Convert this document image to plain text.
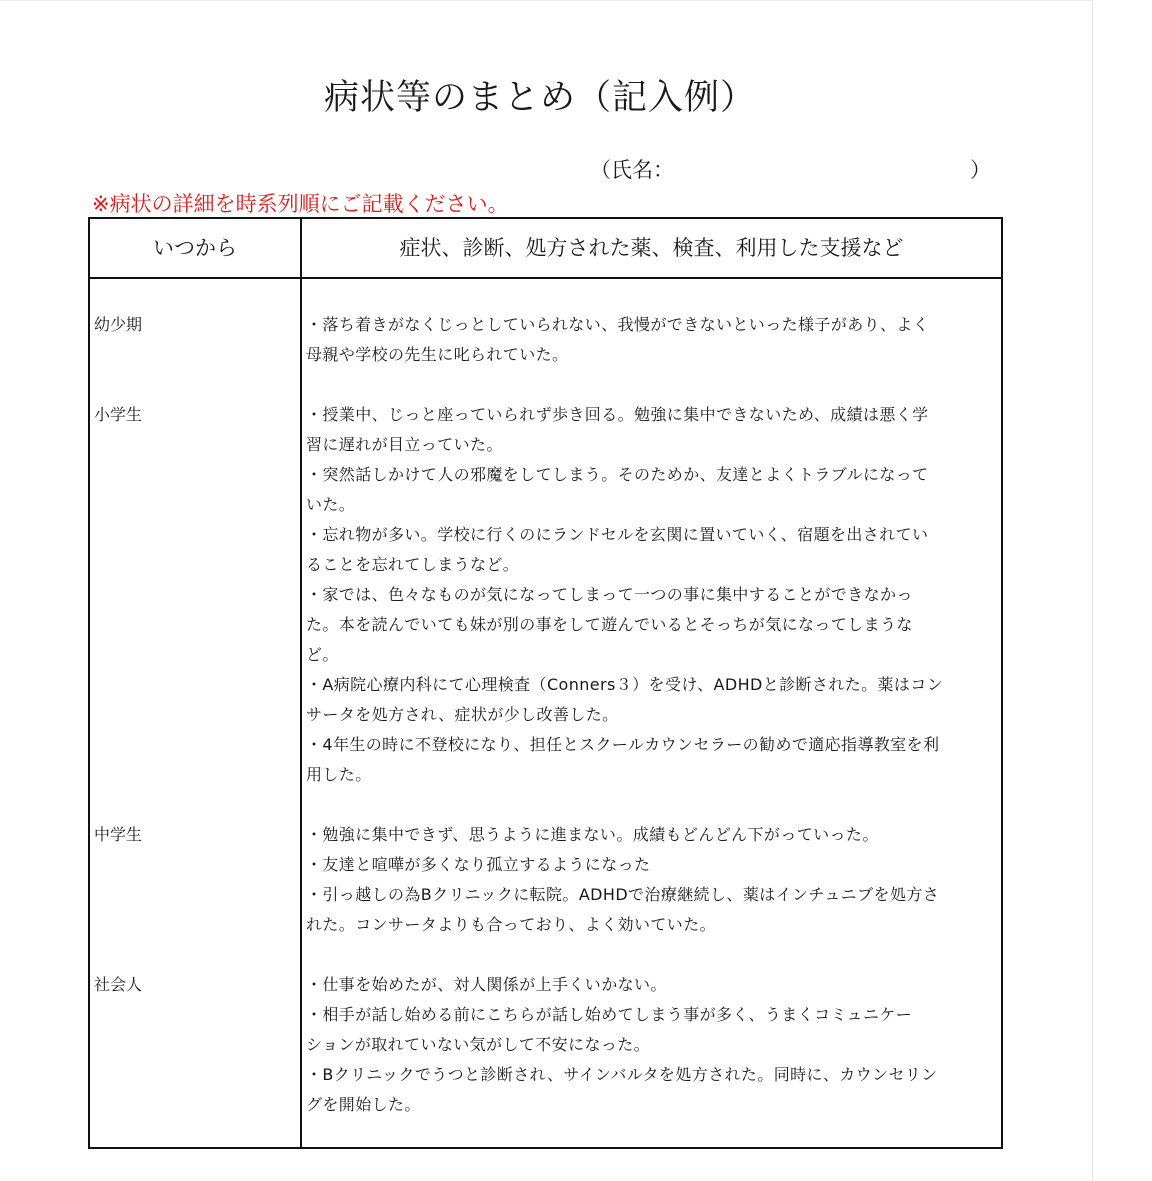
病状等のまとめ（記入例）
（氏名：	）
※病状の詳細を時系列順にご記載ください。
いつから	症状、診断、処方された薬、検査、利用した支援など
幼少期	・落ち着きがなくじっとしていられない、我慢ができないといった様子があり、よく
母親や学校の先生に叱られていた。
小学生	・授業中、じっと座っていられず歩き回る。勉強に集中できないため、成績は悪く学
習に遅れが目立っていた。
・突然話しかけて人の邪魔をしてしまう。そのためか、友達とよくトラブルになって
いた。
・忘れ物が多い。学校に行くのにランドセルを玄関に置いていく、宿題を出されてい
ることを忘れてしまうなど。
・家では、色々なものが気になってしまって一つの事に集中することができなかっ
た。本を読んでいても妹が別の事をして遊んでいるとそっちが気になってしまうな
ど。
・A病院心療内科にて心理検査（Conners３）を受け、ADHDと診断された。薬はコン
サータを処方され、症状が少し改善した。
・4年生の時に不登校になり、担任とスクールカウンセラーの勧めで適応指導教室を利
用した。
中学生	・勉強に集中できず、思うように進まない。成績もどんどん下がっていった。
・友達と喧嘩が多くなり孤立するようになった
・引っ越しの為Bクリニックに転院。ADHDで治療継続し、薬はインチュニブを処方さ
れた。コンサータよりも合っており、よく効いていた。
社会人	・仕事を始めたが、対人関係が上手くいかない。
・相手が話し始める前にこちらが話し始めてしまう事が多く、うまくコミュニケー
ションが取れていない気がして不安になった。
・Bクリニックでうつと診断され、サインバルタを処方された。同時に、カウンセリン
グを開始した。
